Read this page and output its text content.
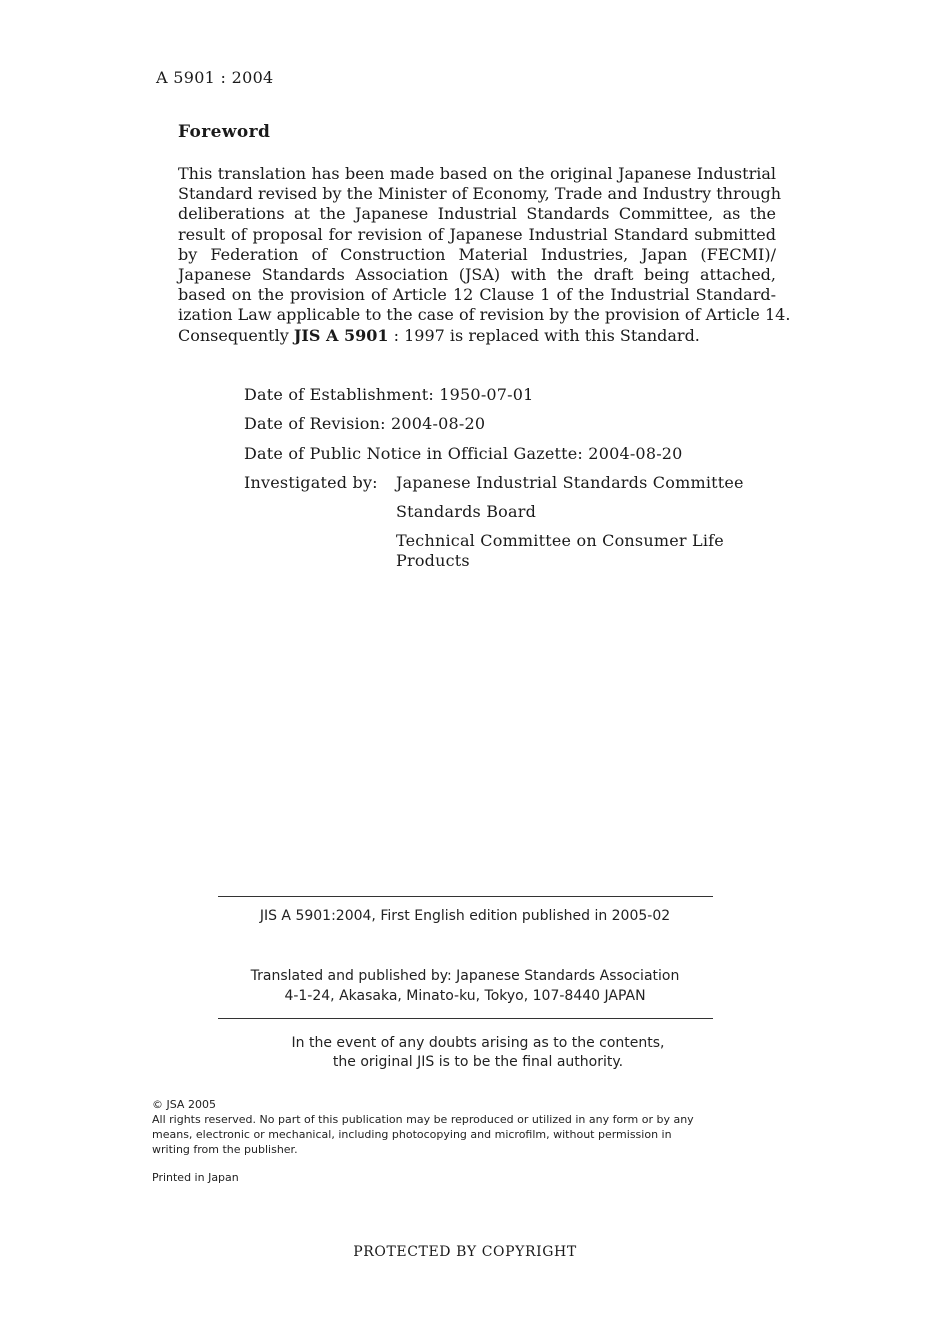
A 5901 : 2004
Foreword
This translation has been made based on the original Japanese Industrial
Standard revised by the Minister of Economy, Trade and Industry through
deliberations at the Japanese Industrial Standards Committee, as the
result of proposal for revision of Japanese Industrial Standard submitted
by Federation of Construction Material Industries, Japan (FECMI)/
Japanese Standards Association (JSA) with the draft being attached,
based on the provision of Article 12 Clause 1 of the Industrial Standard-
ization Law applicable to the case of revision by the provision of Article 14.
Consequently JIS A 5901 : 1997 is replaced with this Standard.
Date of Establishment: 1950-07-01
Date of Revision: 2004-08-20
Date of Public Notice in Official Gazette: 2004-08-20
Investigated by: Japanese Industrial Standards Committee
Standards Board
Technical Committee on Consumer Life
Products
JIS A 5901:2004, First English edition published in 2005-02
Translated and published by: Japanese Standards Association
4-1-24, Akasaka, Minato-ku, Tokyo, 107-8440 JAPAN
In the event of any doubts arising as to the contents,
the original JIS is to be the final authority.
© JSA 2005
All rights reserved. No part of this publication may be reproduced or utilized in any form or by any
means, electronic or mechanical, including photocopying and microfilm, without permission in
writing from the publisher.
Printed in Japan
PROTECTED BY COPYRIGHT
